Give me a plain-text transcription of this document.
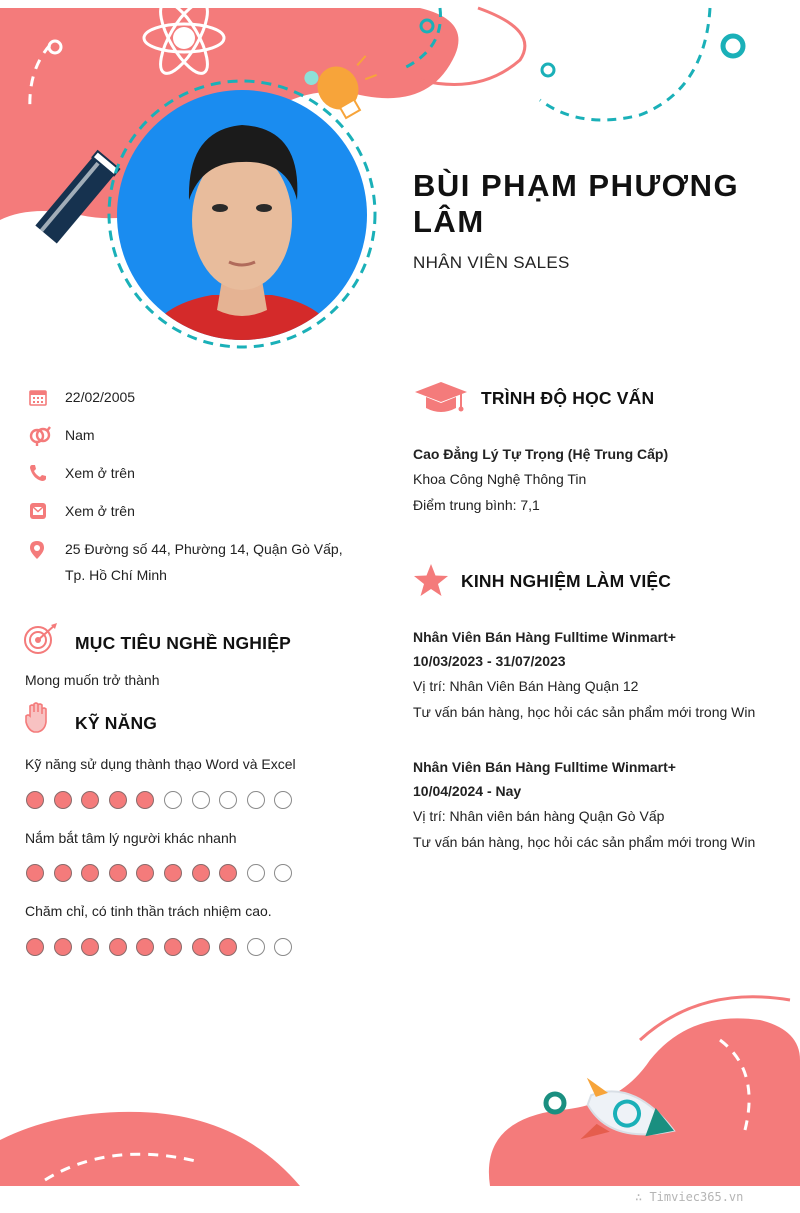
BÙI PHẠM PHƯƠNG LÂM
NHÂN VIÊN SALES
22/02/2005
Nam
Xem ở trên
Xem ở trên
25 Đường số 44, Phường 14, Quận Gò Vấp, Tp. Hồ Chí Minh
MỤC TIÊU NGHỀ NGHIỆP
Mong muốn trở thành
KỸ NĂNG
Kỹ năng sử dụng thành thạo Word và Excel
Nắm bắt tâm lý người khác nhanh
Chăm chỉ, có tinh thần trách nhiệm cao.
TRÌNH ĐỘ HỌC VẤN
Cao Đẳng Lý Tự Trọng (Hệ Trung Cấp)
Khoa Công Nghệ Thông Tin
Điểm trung bình: 7,1
KINH NGHIỆM LÀM VIỆC
Nhân Viên Bán Hàng Fulltime Winmart+
10/03/2023 - 31/07/2023
Vị trí: Nhân Viên Bán Hàng Quận 12
Tư vấn bán hàng, học hỏi các sản phẩm mới trong Win
Nhân Viên Bán Hàng Fulltime Winmart+
10/04/2024 - Nay
Vị trí: Nhân viên bán hàng Quận Gò Vấp
Tư vấn bán hàng, học hỏi các sản phẩm mới trong Win
∴ Timviec365.vn
